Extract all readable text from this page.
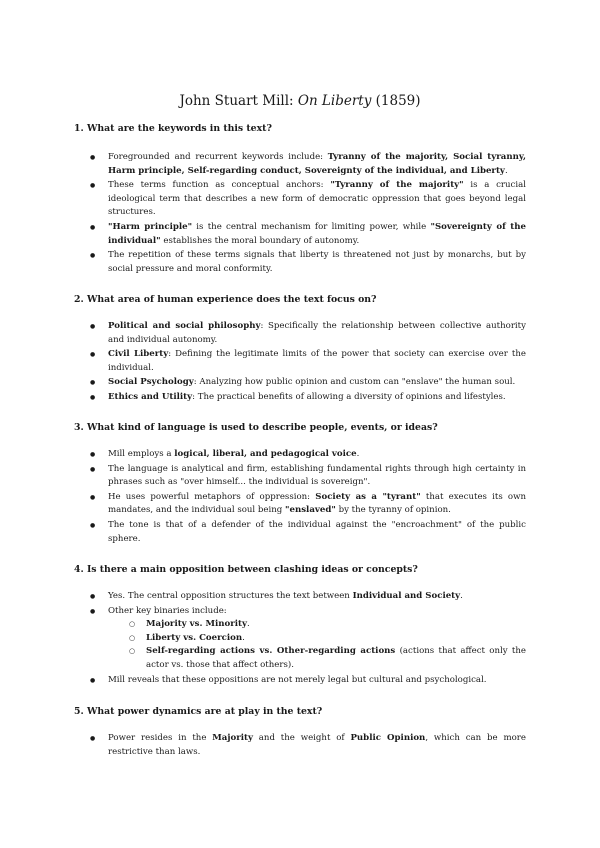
John Stuart Mill: On Liberty (1859)

1. What are the keywords in this text?

● Foregrounded and recurrent keywords include: Tyranny of the majority, Social tyranny, Harm principle, Self-regarding conduct, Sovereignty of the individual, and Liberty.
● These terms function as conceptual anchors: "Tyranny of the majority" is a crucial ideological term that describes a new form of democratic oppression that goes beyond legal structures.
● "Harm principle" is the central mechanism for limiting power, while "Sovereignty of the individual" establishes the moral boundary of autonomy.
● The repetition of these terms signals that liberty is threatened not just by monarchs, but by social pressure and moral conformity.

2. What area of human experience does the text focus on?

● Political and social philosophy: Specifically the relationship between collective authority and individual autonomy.
● Civil Liberty: Defining the legitimate limits of the power that society can exercise over the individual.
● Social Psychology: Analyzing how public opinion and custom can "enslave" the human soul.
● Ethics and Utility: The practical benefits of allowing a diversity of opinions and lifestyles.

3. What kind of language is used to describe people, events, or ideas?

● Mill employs a logical, liberal, and pedagogical voice.
● The language is analytical and firm, establishing fundamental rights through high certainty in phrases such as "over himself... the individual is sovereign".
● He uses powerful metaphors of oppression: Society as a "tyrant" that executes its own mandates, and the individual soul being "enslaved" by the tyranny of opinion.
● The tone is that of a defender of the individual against the "encroachment" of the public sphere.

4. Is there a main opposition between clashing ideas or concepts?

● Yes. The central opposition structures the text between Individual and Society.
● Other key binaries include:
○ Majority vs. Minority.
○ Liberty vs. Coercion.
○ Self-regarding actions vs. Other-regarding actions (actions that affect only the actor vs. those that affect others).
● Mill reveals that these oppositions are not merely legal but cultural and psychological.

5. What power dynamics are at play in the text?

● Power resides in the Majority and the weight of Public Opinion, which can be more restrictive than laws.
